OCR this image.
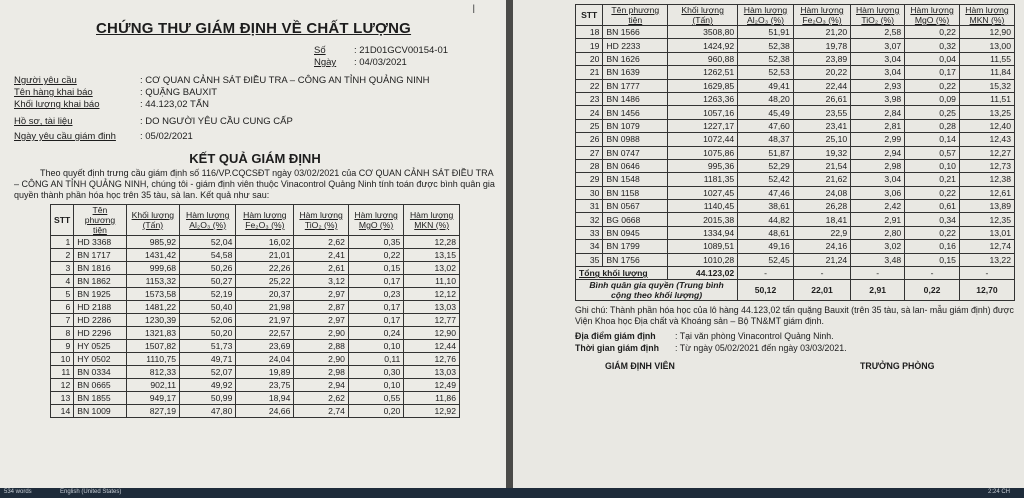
CHỨNG THƯ GIÁM ĐỊNH VỀ CHẤT LƯỢNG
Số	: 21D01GCV00154-01
Ngày : 04/03/2021
Người yêu cầu	: CƠ QUAN CẢNH SÁT ĐIỀU TRA – CÔNG AN TỈNH QUẢNG NINH
Tên hàng khai báo	: QUẶNG BAUXIT
Khối lượng khai báo	: 44.123,02 TẤN
Hồ sơ, tài liệu	: DO NGƯỜI YÊU CẦU CUNG CẤP
Ngày yêu cầu giám định	: 05/02/2021
KẾT QUẢ GIÁM ĐỊNH

Theo quyết định trưng cầu giám định số 116/VP.CQCSĐT ngày 03/02/2021 của CƠ QUAN CẢNH SÁT ĐIỀU TRA – CÔNG AN TỈNH QUẢNG NINH, chúng tôi - giám định viên thuộc Vinacontrol Quảng Ninh tính toán được bình quân gia quyền thành phần hóa học trên 35 tàu, sà lan. Kết quả như sau:

STT	Tên phương tiện	Khối lượng (Tấn)	Hàm lượng Al₂O₃ (%)	Hàm lượng Fe₂O₃ (%)	Hàm lượng TiO₂ (%)	Hàm lượng MgO (%)	Hàm lượng MKN (%)
1	HD 3368	985,92	52,04	16,02	2,62	0,35	12,28
2	BN 1717	1431,42	54,58	21,01	2,41	0,22	13,15
3	BN 1816	999,68	50,26	22,26	2,61	0,15	13,02
4	BN 1862	1153,32	50,27	25,22	3,12	0,17	11,10
5	BN 1925	1573,58	52,19	20,37	2,97	0,23	12,12
6	HD 2188	1481,22	50,40	21,98	2,87	0,17	13,03
7	HD 2286	1230,39	52,06	21,97	2,97	0,17	12,77
8	HD 2296	1321,83	50,20	22,57	2,90	0,24	12,90
9	HY 0525	1507,82	51,73	23,69	2,88	0,10	12,44
10	HY 0502	1110,75	49,71	24,04	2,90	0,11	12,76
11	BN 0334	812,33	52,07	19,89	2,98	0,30	13,03
12	BN 0665	902,11	49,92	23,75	2,94	0,10	12,49
13	BN 1855	949,17	50,99	18,94	2,62	0,55	11,86
14	BN 1009	827,19	47,80	24,66	2,74	0,20	12,92
STT	Tên phương tiện	Khối lượng (Tấn)	Hàm lượng Al₂O₃ (%)	Hàm lượng Fe₂O₃ (%)	Hàm lượng TiO₂ (%)	Hàm lượng MgO (%)	Hàm lượng MKN (%)
18	BN 1566	3508,80	51,91	21,20	2,58	0,22	12,90
19	HD 2233	1424,92	52,38	19,78	3,07	0,32	13,00
20	BN 1626	960,88	52,38	23,89	3,04	0,04	11,55
21	BN 1639	1262,51	52,53	20,22	3,04	0,17	11,84
22	BN 1777	1629,85	49,41	22,44	2,93	0,22	15,32
23	BN 1486	1263,36	48,20	26,61	3,98	0,09	11,51
24	BN 1456	1057,16	45,49	23,55	2,84	0,25	13,25
25	BN 1079	1227,17	47,60	23,41	2,81	0,28	12,40
26	BN 0988	1072,44	48,37	25,10	2,99	0,14	12,43
27	BN 0747	1075,86	51,87	19,32	2,94	0,57	12,27
28	BN 0646	995,36	52,29	21,54	2,98	0,10	12,73
29	BN 1548	1181,35	52,42	21,62	3,04	0,21	12,38
30	BN 1158	1027,45	47,46	24,08	3,06	0,22	12,61
31	BN 0567	1140,45	38,61	26,28	2,42	0,61	13,89
32	BG 0668	2015,38	44,82	18,41	2,91	0,34	12,35
33	BN 0945	1334,94	48,61	22,9	2,80	0,22	13,01
34	BN 1799	1089,51	49,16	24,16	3,02	0,16	12,74
35	BN 1756	1010,28	52,45	21,24	3,48	0,15	13,22
Tổng khối lượng		44.123,02	-	-	-	-	-
Bình quân gia quyền (Trung bình cộng theo khối lượng)			50,12	22,01	2,91	0,22	12,70
Ghi chú: Thành phần hóa học của lô hàng 44.123,02 tấn quặng Bauxit (trên 35 tàu, sà lan- mẫu giám định) được Viện Khoa học Địa chất và Khoáng sản – Bộ TN&MT giám định.
Địa điểm giám định : Tại văn phòng Vinacontrol Quảng Ninh.
Thời gian giám định : Từ ngày 05/02/2021 đến ngày 03/03/2021.
GIÁM ĐỊNH VIÊN	TRƯỞNG PHÒNG
I
534 words	English (United States)	2:24 CH
